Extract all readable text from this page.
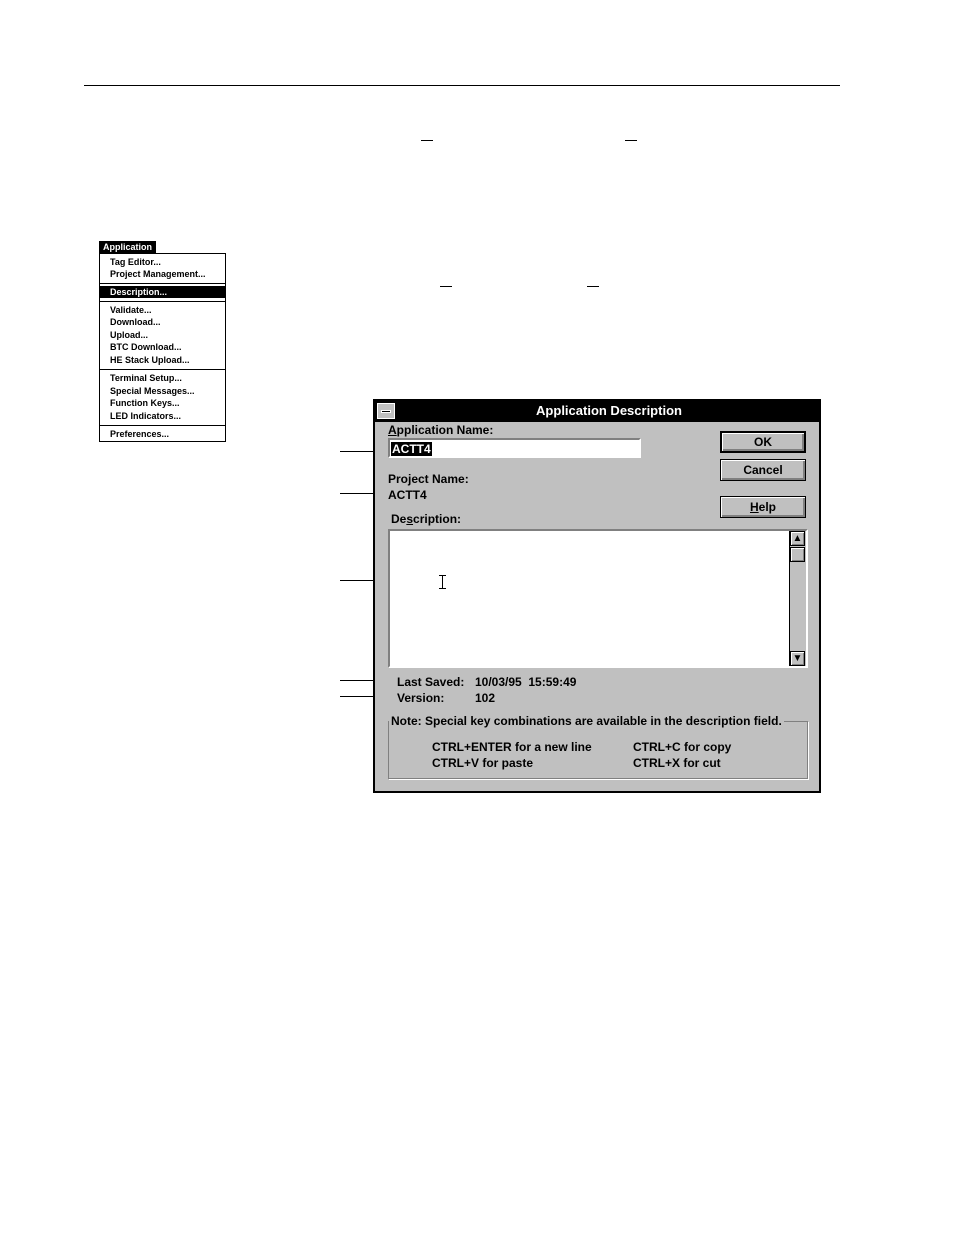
Application
Tag Editor...
Project Management...
Description...
Validate...
Download...
Upload...
BTC Download...
HE Stack Upload...
Terminal Setup...
Special Messages...
Function Keys...
LED Indicators...
Preferences...
Application Description
Application Name:
ACTT4	OK
Cancel
Help
Project Name:
ACTT4
Description:
▲
▼
Last Saved: 10/03/95  15:59:49
Version:	102
Note: Special key combinations are available in the description field.
CTRL+ENTER for a new line	CTRL+C for copy
CTRL+V for paste	CTRL+X for cut
